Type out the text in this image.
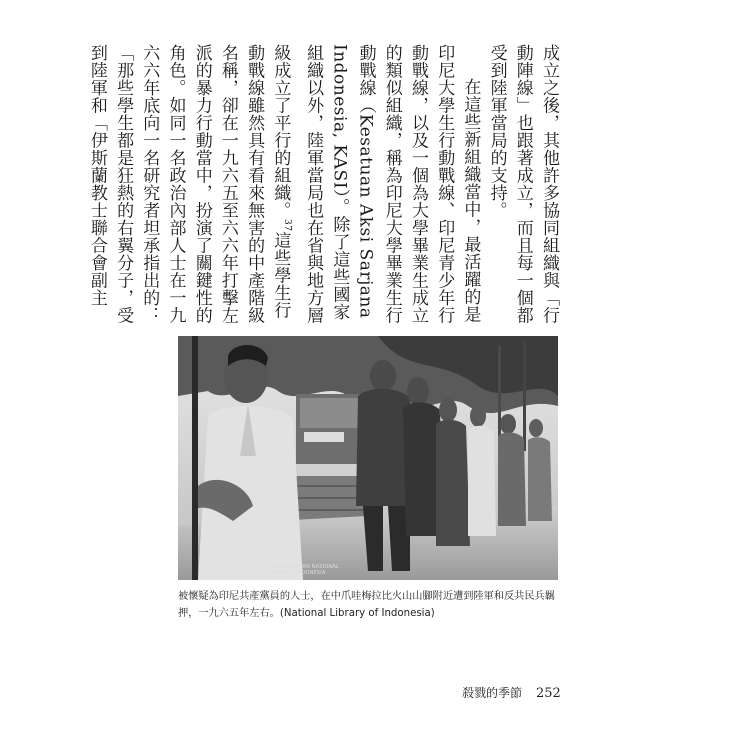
成立之後，其他許多協同組織與「行動陣線」也跟著成立，而且每一個都受到陸軍當局的支持。

在這些新組織當中，最活躍的是印尼大學生行動戰線、印尼青少年行動戰線，以及一個為大學畢業生成立的類似組織，稱為印尼大學畢業生行動戰線（Kesatuan Aksi Sarjana Indonesia, KASI）。除了這些國家組織以外，陸軍當局也在省與地方層級成立了平行的組織。$^{37}$這些學生行動戰線雖然具有看來無害的中產階級名稱，卻在一九六五至六六年打擊左派的暴力行動當中，扮演了關鍵性的角色。如同一名政治內部人士在一九六六年底向一名研究者坦承指出的：「那些學生都是狂熱的右翼分子，受到陸軍和「伊斯蘭教士聯合會副主

PERPUSTAKAAN NASIONAL
REPUBLIK INDONESIA
被懷疑為印尼共產黨員的人士，在中爪哇梅拉比火山山腳附近遭到陸軍和反共民兵羈押，一九六五年左右。(National Library of Indonesia)
殺戮的季節 252
